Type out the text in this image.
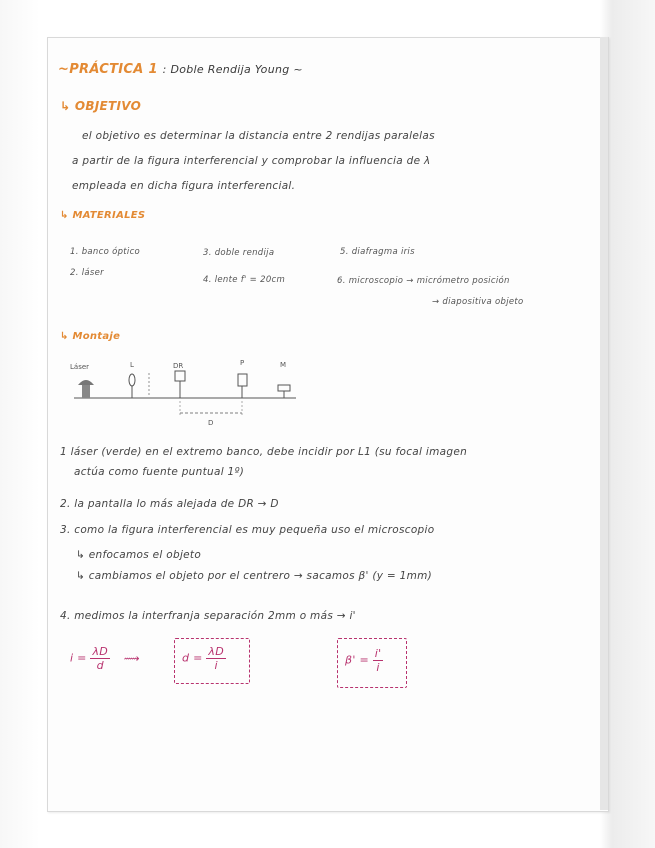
~PRÁCTICA 1 : Doble Rendija Young ~
↳ OBJETIVO
el objetivo es determinar la distancia entre 2 rendijas paralelas
a partir de la figura interferencial y comprobar la influencia de λ
empleada en dicha figura interferencial.
↳ MATERIALES
1. banco óptico
2. láser
3. doble rendija
4. lente f' = 20cm
5. diafragma iris
6. microscopio → micrómetro posición
→ diapositiva objeto
↳ Montaje
Láser	L	DR	P	M
D
1 láser (verde) en el extremo banco, debe incidir por L1 (su focal imagen
actúa como fuente puntual 1º)
2. la pantalla lo más alejada de DR → D
3. como la figura interferencial es muy pequeña uso el microscopio
↳ enfocamos el objeto
↳ cambiamos el objeto por el centrero → sacamos β' (y = 1mm)
4. medimos la interfranja separación 2mm o más → i'
$i = \frac{\lambda D}{d}$ ⟿	$d = \frac{\lambda D}{i}$	$\beta' = \frac{i'}{i}$
